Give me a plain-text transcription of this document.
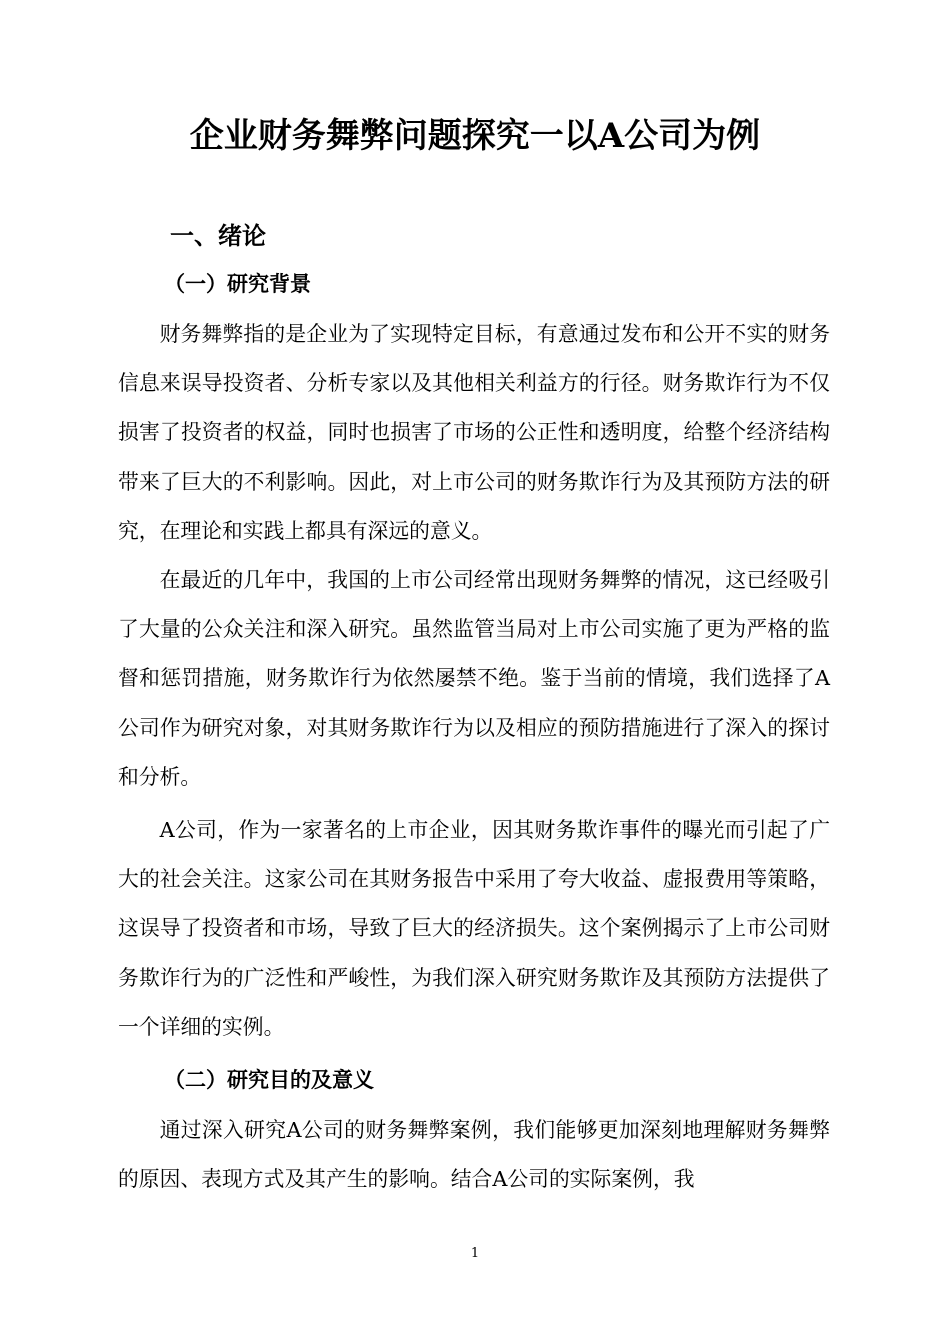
企业财务舞弊问题探究一以A公司为例
一、绪论
（一）研究背景

财务舞弊指的是企业为了实现特定目标，有意通过发布和公开不实的财务信息来误导投资者、分析专家以及其他相关利益方的行径。财务欺诈行为不仅损害了投资者的权益，同时也损害了市场的公正性和透明度，给整个经济结构带来了巨大的不利影响。因此，对上市公司的财务欺诈行为及其预防方法的研究，在理论和实践上都具有深远的意义。

在最近的几年中，我国的上市公司经常出现财务舞弊的情况，这已经吸引了大量的公众关注和深入研究。虽然监管当局对上市公司实施了更为严格的监督和惩罚措施，财务欺诈行为依然屡禁不绝。鉴于当前的情境，我们选择了A公司作为研究对象，对其财务欺诈行为以及相应的预防措施进行了深入的探讨和分析。

A公司，作为一家著名的上市企业，因其财务欺诈事件的曝光而引起了广大的社会关注。这家公司在其财务报告中采用了夸大收益、虚报费用等策略，这误导了投资者和市场，导致了巨大的经济损失。这个案例揭示了上市公司财务欺诈行为的广泛性和严峻性，为我们深入研究财务欺诈及其预防方法提供了一个详细的实例。

（二）研究目的及意义

通过深入研究A公司的财务舞弊案例，我们能够更加深刻地理解财务舞弊的原因、表现方式及其产生的影响。结合A公司的实际案例，我

1
